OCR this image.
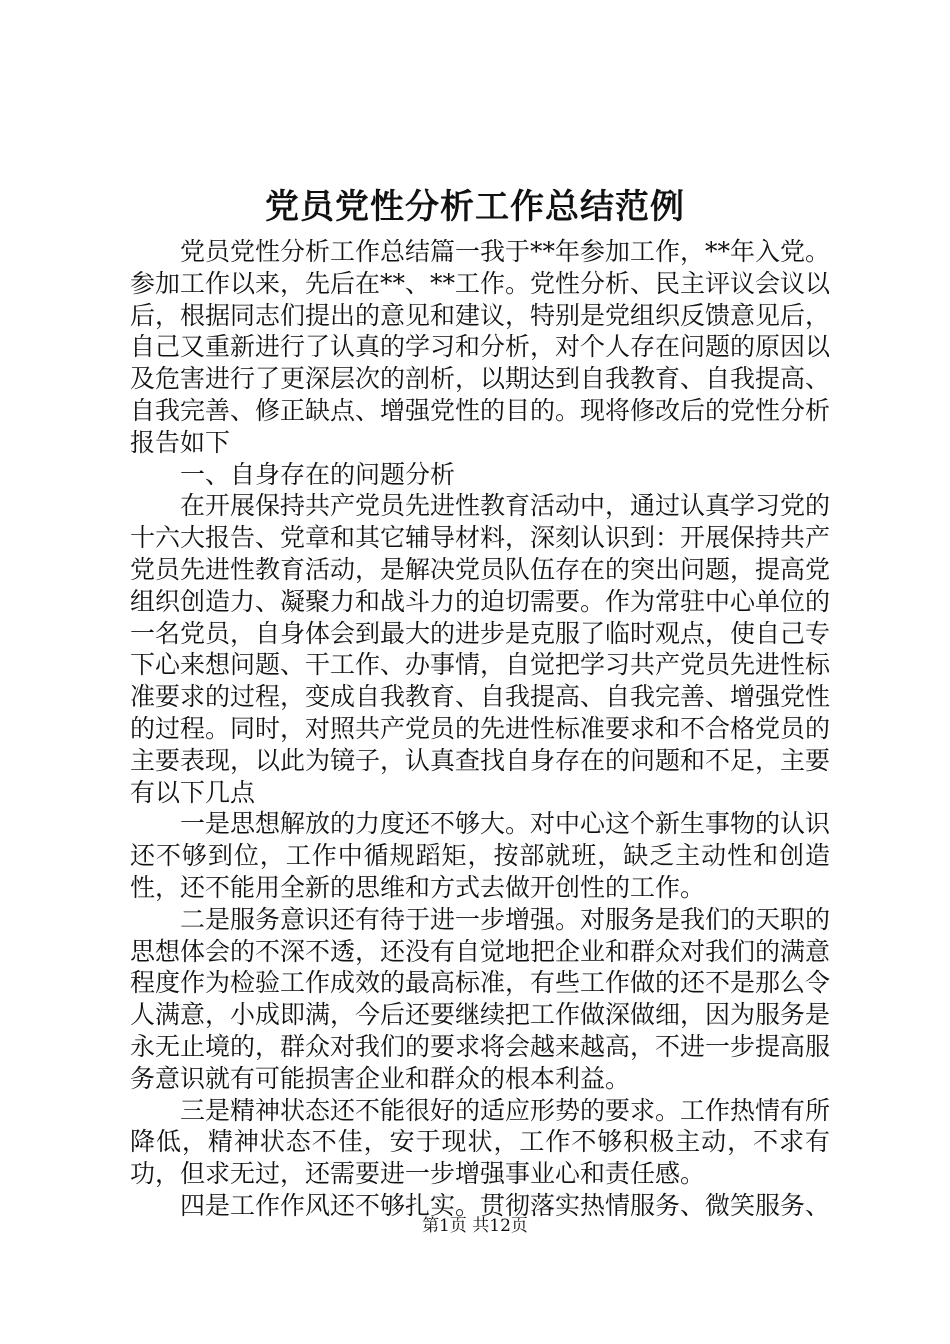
党员党性分析工作总结范例

党员党性分析工作总结篇一我于**年参加工作，**年入党。参加工作以来，先后在**、**工作。党性分析、民主评议会议以后，根据同志们提出的意见和建议，特别是党组织反馈意见后，自己又重新进行了认真的学习和分析，对个人存在问题的原因以及危害进行了更深层次的剖析，以期达到自我教育、自我提高、自我完善、修正缺点、增强党性的目的。现将修改后的党性分析报告如下

一、自身存在的问题分析

在开展保持共产党员先进性教育活动中，通过认真学习党的十六大报告、党章和其它辅导材料，深刻认识到：开展保持共产党员先进性教育活动，是解决党员队伍存在的突出问题，提高党组织创造力、凝聚力和战斗力的迫切需要。作为常驻中心单位的一名党员，自身体会到最大的进步是克服了临时观点，使自己专下心来想问题、干工作、办事情，自觉把学习共产党员先进性标准要求的过程，变成自我教育、自我提高、自我完善、增强党性的过程。同时，对照共产党员的先进性标准要求和不合格党员的主要表现，以此为镜子，认真查找自身存在的问题和不足，主要有以下几点

一是思想解放的力度还不够大。对中心这个新生事物的认识还不够到位，工作中循规蹈矩，按部就班，缺乏主动性和创造性，还不能用全新的思维和方式去做开创性的工作。

二是服务意识还有待于进一步增强。对服务是我们的天职的思想体会的不深不透，还没有自觉地把企业和群众对我们的满意程度作为检验工作成效的最高标准，有些工作做的还不是那么令人满意，小成即满，今后还要继续把工作做深做细，因为服务是永无止境的，群众对我们的要求将会越来越高，不进一步提高服务意识就有可能损害企业和群众的根本利益。

三是精神状态还不能很好的适应形势的要求。工作热情有所降低，精神状态不佳，安于现状，工作不够积极主动，不求有功，但求无过，还需要进一步增强事业心和责任感。

四是工作作风还不够扎实。贯彻落实热情服务、微笑服务、

第1页 共12页
